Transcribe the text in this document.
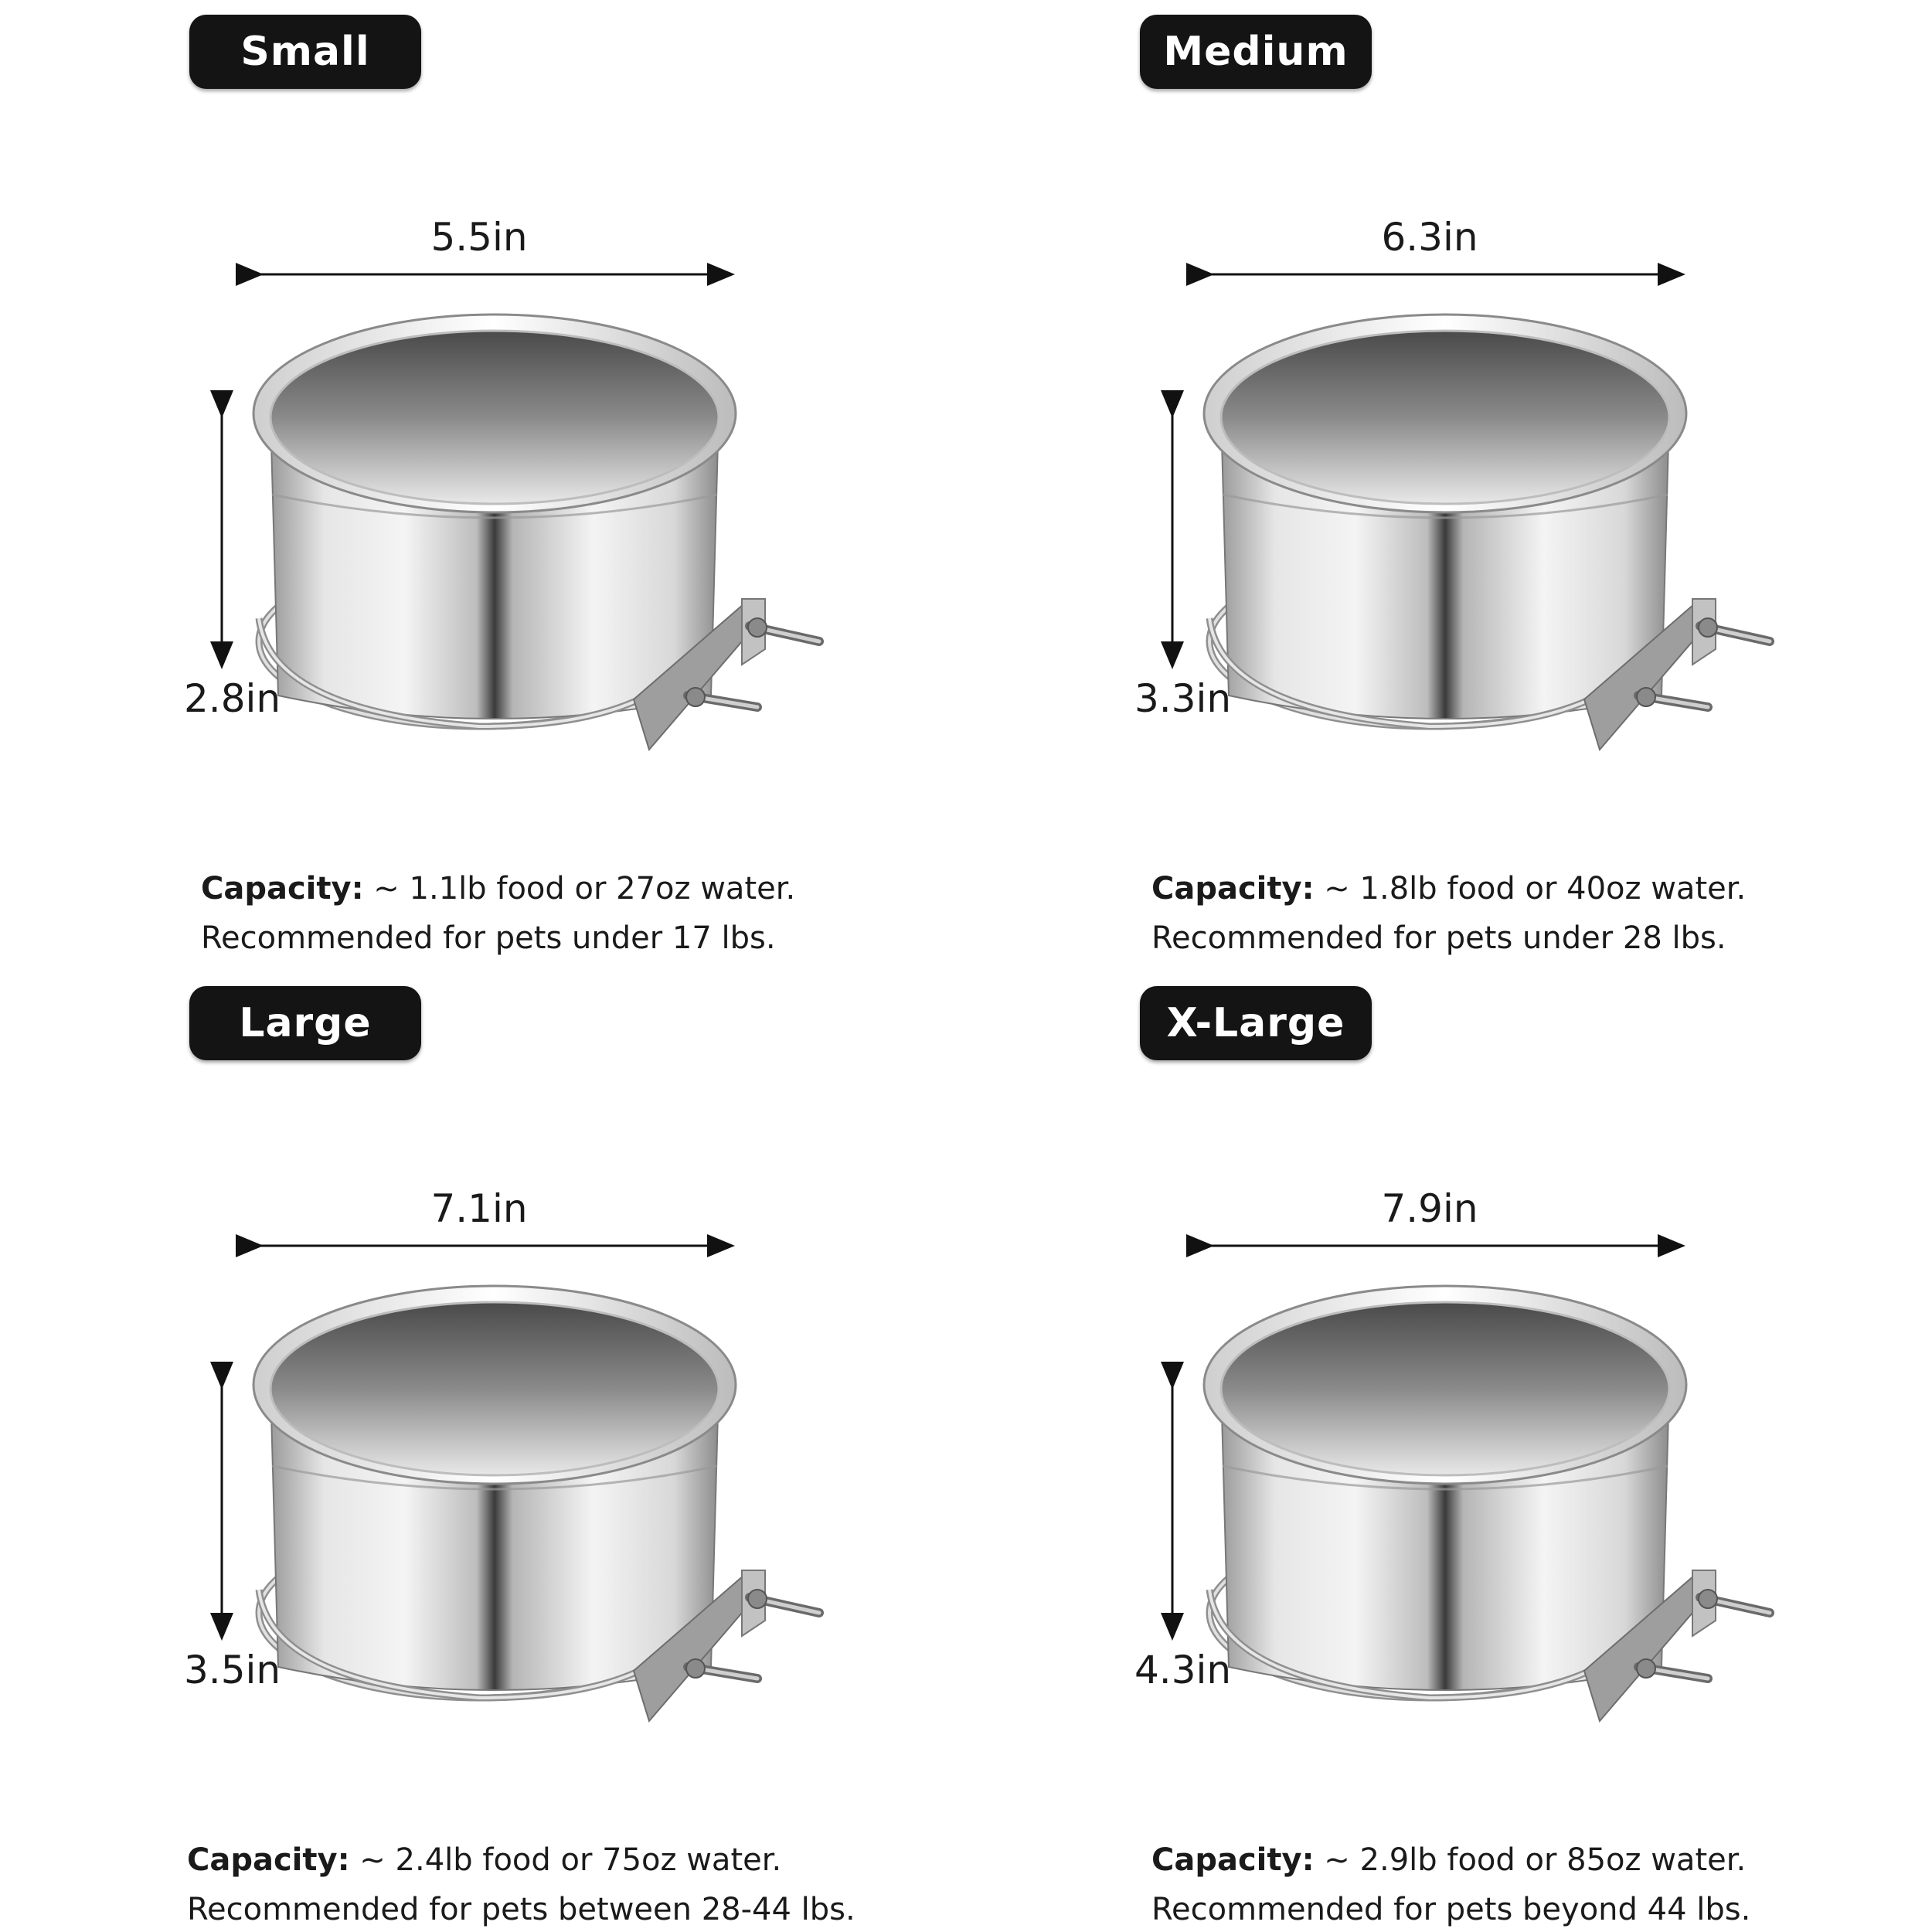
Small
5.5in
2.8in
Capacity: ~ 1.1lb food or 27oz water.
Recommended for pets under 17 lbs.
Medium
6.3in
3.3in
Capacity: ~ 1.8lb food or 40oz water.
Recommended for pets under 28 lbs.
Large
7.1in
3.5in
Capacity: ~ 2.4lb food or 75oz water.
Recommended for pets between 28-44 lbs.
X-Large
7.9in
4.3in
Capacity: ~ 2.9lb food or 85oz water.
Recommended for pets beyond 44 lbs.
